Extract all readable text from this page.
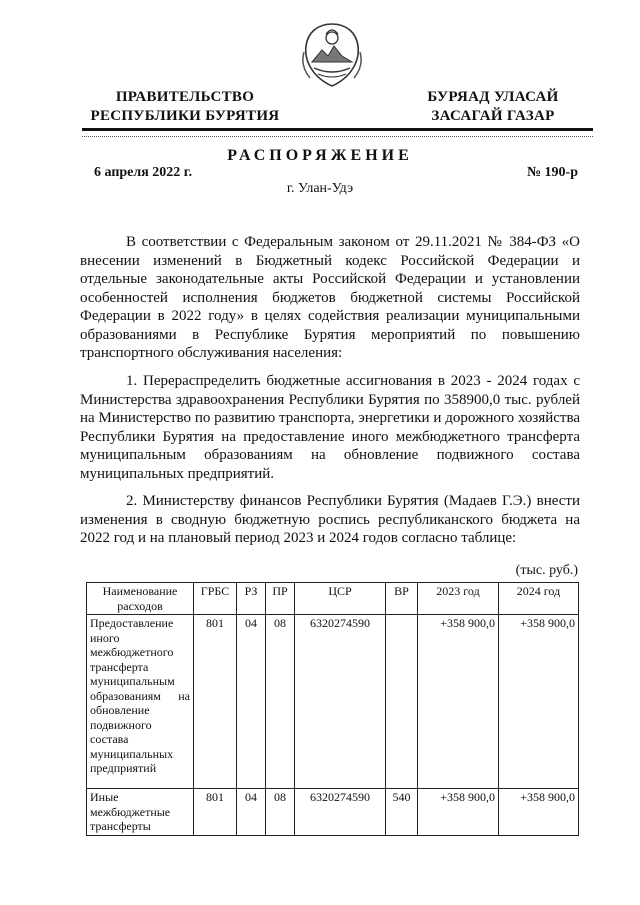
ПРАВИТЕЛЬСТВО
РЕСПУБЛИКИ БУРЯТИЯ
БУРЯАД УЛАСАЙ
ЗАСАГАЙ ГАЗАР
РАСПОРЯЖЕНИЕ
6 апреля 2022 г.	№ 190-р
г. Улан-Удэ

В соответствии с Федеральным законом от 29.11.2021 № 384-ФЗ «О внесении изменений в Бюджетный кодекс Российской Федерации и отдельные законодательные акты Российской Федерации и установлении особенностей исполнения бюджетов бюджетной системы Российской Федерации в 2022 году» в целях содействия реализации муниципальными образованиями в Республике Бурятия мероприятий по повышению транспортного обслуживания населения:

1. Перераспределить бюджетные ассигнования в 2023 - 2024 годах с Министерства здравоохранения Республики Бурятия по 358900,0 тыс. рублей на Министерство по развитию транспорта, энергетики и дорожного хозяйства Республики Бурятия на предоставление иного межбюджетного трансферта муниципальным образованиям на обновление подвижного состава муниципальных предприятий.

2. Министерству финансов Республики Бурятия (Мадаев Г.Э.) внести изменения в сводную бюджетную роспись республиканского бюджета на 2022 год и на плановый период 2023 и 2024 годов согласно таблице:

(тыс. руб.)
Наименование расходов	ГРБС	РЗ	ПР	ЦСР	ВР	2023 год	2024 год
Предоставление иного межбюджетного трансферта муниципальным образованиям на обновление подвижного состава муниципальных предприятий	801	04	08	6320274590		+358 900,0	+358 900,0
Иные межбюджетные трансферты	801	04	08	6320274590	540	+358 900,0	+358 900,0
